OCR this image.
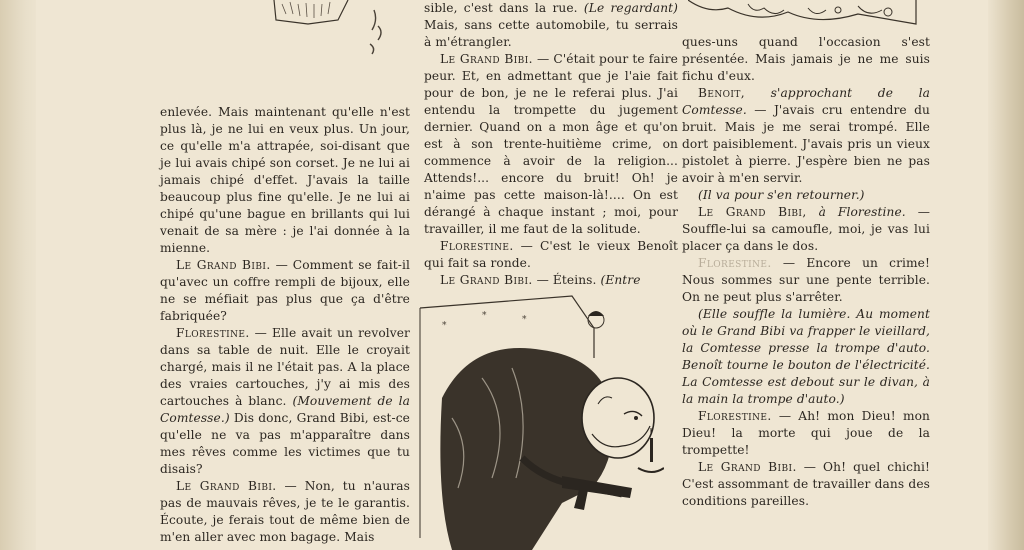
enlevée. Mais maintenant qu'elle n'est plus là, je ne lui en veux plus. Un jour, ce qu'elle m'a attrapée, soi-disant que je lui avais chipé son corset. Je ne lui ai jamais chipé d'effet. J'avais la taille beaucoup plus fine qu'elle. Je ne lui ai chipé qu'une bague en brillants qui lui venait de sa mère : je l'ai donnée à la mienne.

Le Grand Bibi. — Comment se fait-il qu'avec un coffre rempli de bijoux, elle ne se méfiait pas plus que ça d'être fabriquée?

Florestine. — Elle avait un revolver dans sa table de nuit. Elle le croyait chargé, mais il ne l'était pas. A la place des vraies cartouches, j'y ai mis des cartouches à blanc. (Mouvement de la Comtesse.) Dis donc, Grand Bibi, est-ce qu'elle ne va pas m'apparaître dans mes rêves comme les victimes que tu disais?

Le Grand Bibi. — Non, tu n'auras pas de mauvais rêves, je te le garantis. Écoute, je ferais tout de même bien de m'en aller avec mon bagage. Mais

sible, c'est dans la rue. (Le regardant) Mais, sans cette automobile, tu serrais à m'étrangler.

Le Grand Bibi. — C'était pour te faire peur. Et, en admettant que je l'aie fait pour de bon, je ne le referai plus. J'ai entendu la trompette du jugement dernier. Quand on a mon âge et qu'on est à son trente-huitième crime, on commence à avoir de la religion... Attends!... encore du bruit! Oh! je n'aime pas cette maison-là!.... On est dérangé à chaque instant ; moi, pour travailler, il me faut de la solitude.

Florestine. — C'est le vieux Benoît qui fait sa ronde.

Le Grand Bibi. — Éteins. (Entre

*
*	*

ques-uns quand l'occasion s'est présentée. Mais jamais je ne me suis fichu d'eux.

Benoit, s'approchant de la Comtesse. — J'avais cru entendre du bruit. Mais je me serai trompé. Elle dort paisiblement. J'avais pris un vieux pistolet à pierre. J'espère bien ne pas avoir à m'en servir.

(Il va pour s'en retourner.)

Le Grand Bibi, à Florestine. — Souffle-lui sa camoufle, moi, je vas lui placer ça dans le dos.

Florestine. — Encore un crime! Nous sommes sur une pente terrible. On ne peut plus s'arrêter.

(Elle souffle la lumière. Au moment où le Grand Bibi va frapper le vieillard, la Comtesse presse la trompe d'auto. Benoît tourne le bouton de l'électricité. La Comtesse est debout sur le divan, à la main la trompe d'auto.)

Florestine. — Ah! mon Dieu! mon Dieu! la morte qui joue de la trompette!

Le Grand Bibi. — Oh! quel chichi! C'est assommant de travailler dans des conditions pareilles.
